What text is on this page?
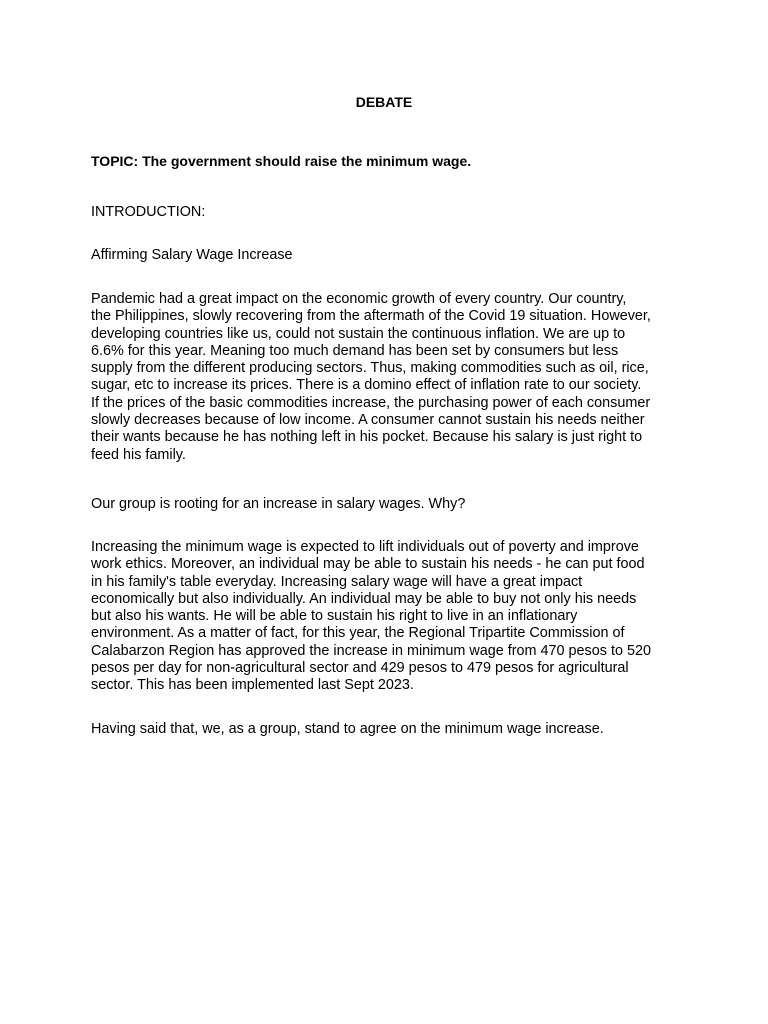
DEBATE
TOPIC: The government should raise the minimum wage.
INTRODUCTION:
Affirming Salary Wage Increase
Pandemic had a great impact on the economic growth of every country. Our country,
the Philippines, slowly recovering from the aftermath of the Covid 19 situation. However,
developing countries like us, could not sustain the continuous inflation. We are up to
6.6% for this year. Meaning too much demand has been set by consumers but less
supply from the different producing sectors. Thus, making commodities such as oil, rice,
sugar, etc to increase its prices. There is a domino effect of inflation rate to our society.
If the prices of the basic commodities increase, the purchasing power of each consumer
slowly decreases because of low income. A consumer cannot sustain his needs neither
their wants because he has nothing left in his pocket. Because his salary is just right to
feed his family.
Our group is rooting for an increase in salary wages. Why?
Increasing the minimum wage is expected to lift individuals out of poverty and improve
work ethics. Moreover, an individual may be able to sustain his needs - he can put food
in his family's table everyday. Increasing salary wage will have a great impact
economically but also individually. An individual may be able to buy not only his needs
but also his wants. He will be able to sustain his right to live in an inflationary
environment. As a matter of fact, for this year, the Regional Tripartite Commission of
Calabarzon Region has approved the increase in minimum wage from 470 pesos to 520
pesos per day for non-agricultural sector and 429 pesos to 479 pesos for agricultural
sector. This has been implemented last Sept 2023.
Having said that, we, as a group, stand to agree on the minimum wage increase.
